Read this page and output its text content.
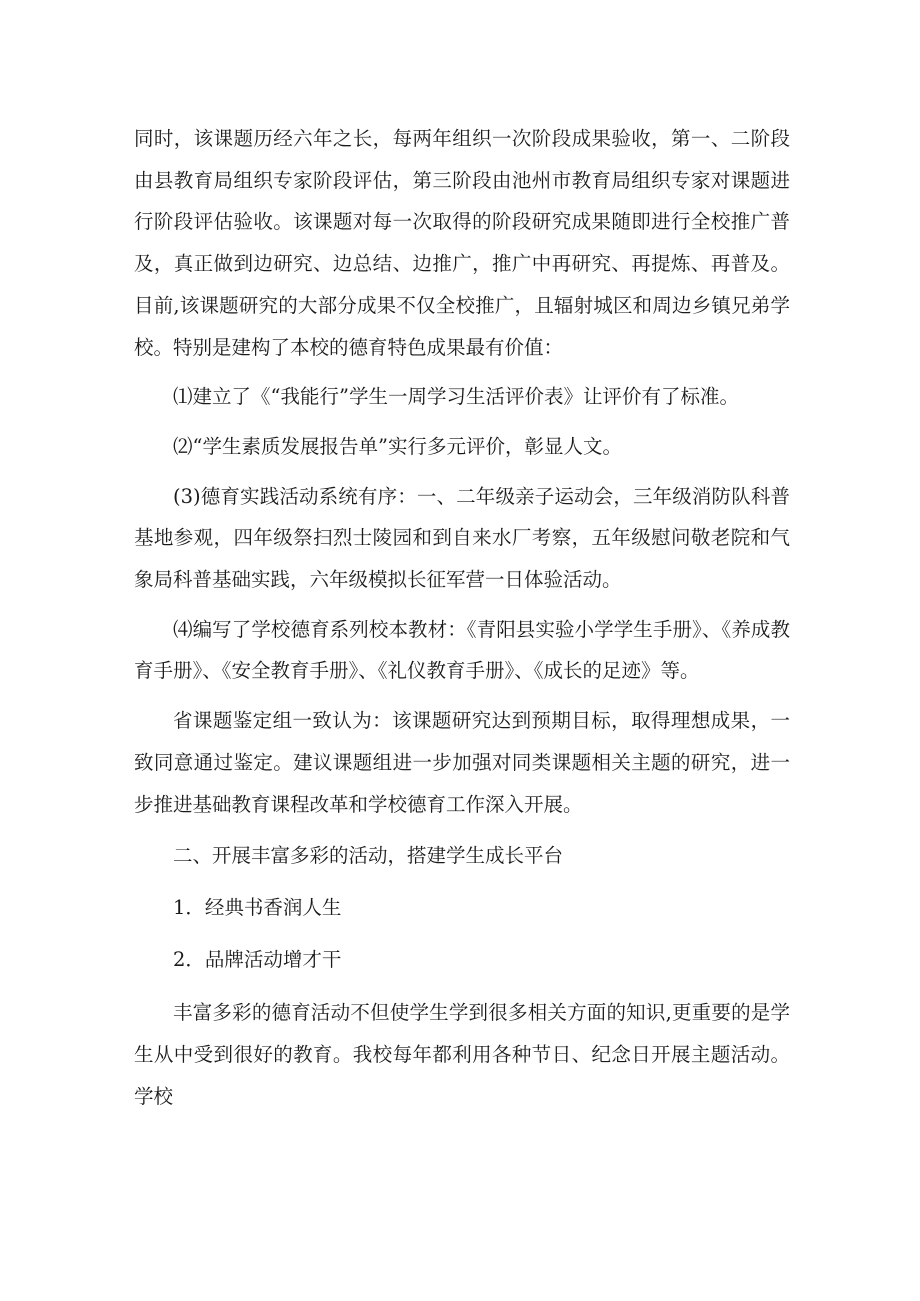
同时，该课题历经六年之长，每两年组织一次阶段成果验收，第一、二阶段由县教育局组织专家阶段评估，第三阶段由池州市教育局组织专家对课题进行阶段评估验收。该课题对每一次取得的阶段研究成果随即进行全校推广普及，真正做到边研究、边总结、边推广，推广中再研究、再提炼、再普及。目前,该课题研究的大部分成果不仅全校推广，且辐射城区和周边乡镇兄弟学校。特别是建构了本校的德育特色成果最有价值：

⑴建立了《“我能行”学生一周学习生活评价表》让评价有了标准。

⑵“学生素质发展报告单”实行多元评价，彰显人文。

(3)德育实践活动系统有序：一、二年级亲子运动会，三年级消防队科普基地参观，四年级祭扫烈士陵园和到自来水厂考察，五年级慰问敬老院和气象局科普基础实践，六年级模拟长征军营一日体验活动。

⑷编写了学校德育系列校本教材：《青阳县实验小学学生手册》、《养成教育手册》、《安全教育手册》、《礼仪教育手册》、《成长的足迹》等。

省课题鉴定组一致认为：该课题研究达到预期目标，取得理想成果，一致同意通过鉴定。建议课题组进一步加强对同类课题相关主题的研究，进一步推进基础教育课程改革和学校德育工作深入开展。

二、开展丰富多彩的活动，搭建学生成长平台

1．经典书香润人生

2．品牌活动增才干

丰富多彩的德育活动不但使学生学到很多相关方面的知识,更重要的是学生从中受到很好的教育。我校每年都利用各种节日、纪念日开展主题活动。学校
